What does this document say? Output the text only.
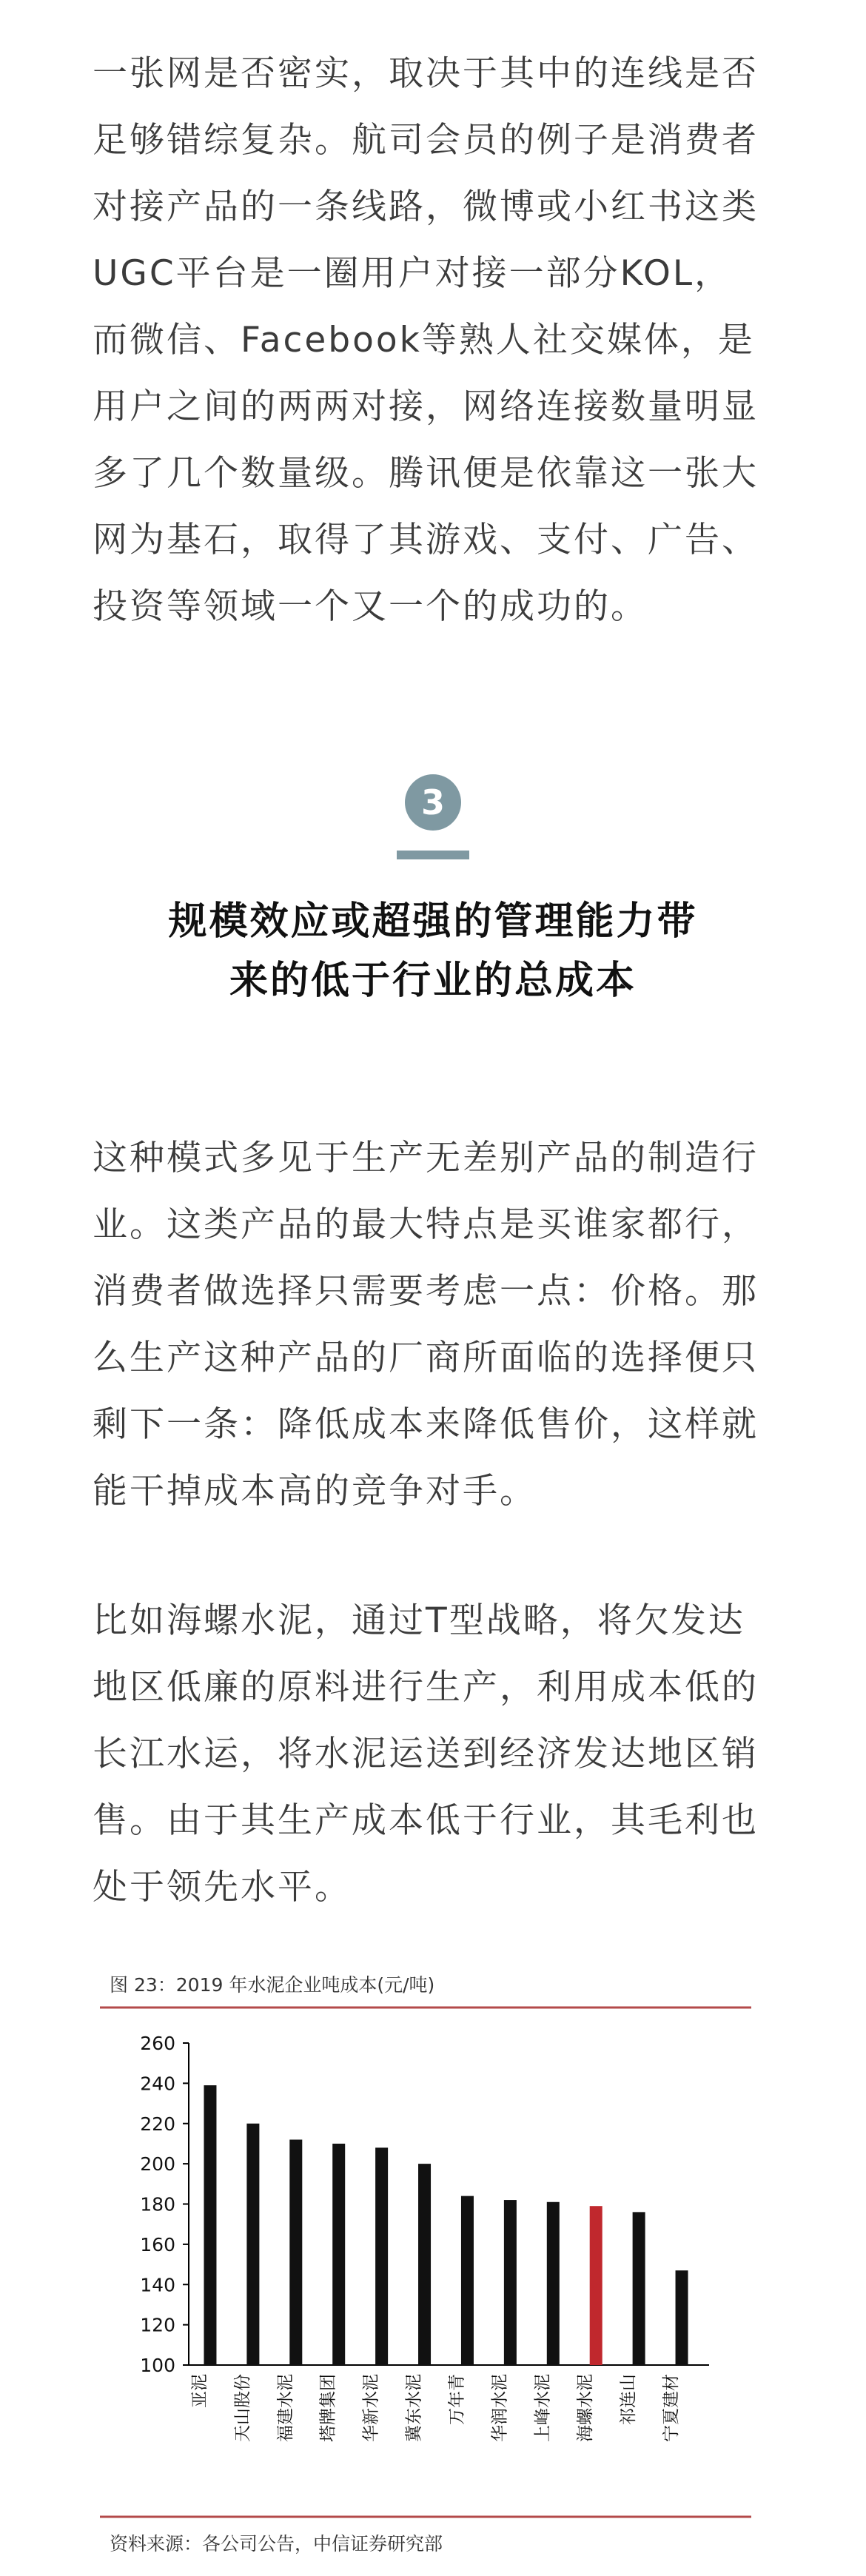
一张网是否密实，取决于其中的连线是否
足够错综复杂。航司会员的例子是消费者
对接产品的一条线路，微博或小红书这类
UGC平台是一圈用户对接一部分KOL，
而微信、Facebook等熟人社交媒体，是
用户之间的两两对接，网络连接数量明显
多了几个数量级。腾讯便是依靠这一张大
网为基石，取得了其游戏、支付、广告、
投资等领域一个又一个的成功的。
3
规模效应或超强的管理能力带
来的低于行业的总成本
这种模式多见于生产无差别产品的制造行
业。这类产品的最大特点是买谁家都行，
消费者做选择只需要考虑一点：价格。那
么生产这种产品的厂商所面临的选择便只
剩下一条：降低成本来降低售价，这样就
能干掉成本高的竞争对手。
比如海螺水泥，通过T型战略，将欠发达
地区低廉的原料进行生产，利用成本低的
长江水运，将水泥运送到经济发达地区销
售。由于其生产成本低于行业，其毛利也
处于领先水平。
图 23：2019 年水泥企业吨成本(元/吨)
100
120
140
160
180
200
220
240
260
亚泥 天山股份 福建水泥 塔牌集团 华新水泥 冀东水泥 万年青 华润水泥 上峰水泥 海螺水泥 祁连山 宁夏建材
资料来源：各公司公告，中信证券研究部
